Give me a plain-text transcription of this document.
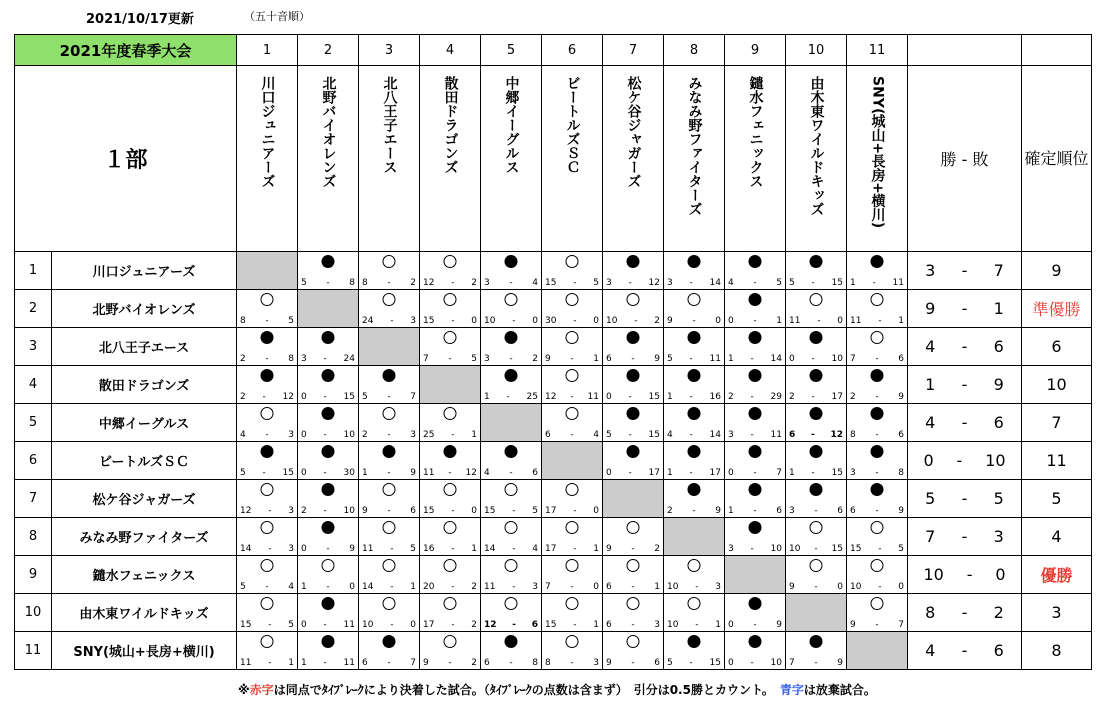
2021/10/17更新	（五十音順）
2021年度春季大会		1	2	3	4	5	6	7	8	9	10	11		
１部		川口ジュニアーズ	北野バイオレンズ	北八王子エース	散田ドラゴンズ	中郷イーグルス	ビートルズＳＣ	松ケ谷ジャガーズ	みなみ野ファイターズ	鑓水フェニックス	由木東ワイルドキッズ	SNY(城山+長房+横川)	勝 - 敗	確定順位
1	川口ジュニアーズ		5 - 8	8 - 2	12 - 2	3 - 4	15 - 5	3 - 12	3 - 14	4 - 5	5 - 15	1 - 11	3 - 7	9
2	北野バイオレンズ	8 - 5		24 - 3	15 - 0	10 - 0	30 - 0	10 - 2	9 - 0	0 - 1	11 - 0	11 - 1	9 - 1	準優勝
3	北八王子エース	2 - 8	3 - 24		7 - 5	3 - 2	9 - 1	6 - 9	5 - 11	1 - 14	0 - 10	7 - 6	4 - 6	6
4	散田ドラゴンズ	2 - 12	0 - 15	5 - 7		1 - 25	12 - 11	0 - 15	1 - 16	2 - 29	2 - 17	2 - 9	1 - 9	10
5	中郷イーグルス	4 - 3	0 - 10	2 - 3	25 - 1		6 - 4	5 - 15	4 - 14	3 - 11	6 - 12	8 - 6	4 - 6	7
6	ビートルズＳＣ	5 - 15	0 - 30	1 - 9	11 - 12	4 - 6		0 - 17	1 - 17	0 - 7	1 - 15	3 - 8	0 - 10	11
7	松ケ谷ジャガーズ	12 - 3	2 - 10	9 - 6	15 - 0	15 - 5	17 - 0		2 - 9	1 - 6	3 - 6	6 - 9	5 - 5	5
8	みなみ野ファイターズ	14 - 3	0 - 9	11 - 5	16 - 1	14 - 4	17 - 1	9 - 2		3 - 10	10 - 15	15 - 5	7 - 3	4
9	鑓水フェニックス	5 - 4	1 - 0	14 - 1	20 - 2	11 - 3	7 - 0	6 - 1	10 - 3		9 - 0	10 - 0	10 - 0	優勝
10	由木東ワイルドキッズ	15 - 5	0 - 11	10 - 0	17 - 2	12 - 6	15 - 1	6 - 3	10 - 1	0 - 9		9 - 7	8 - 2	3
11	SNY(城山+長房+横川)	11 - 1	1 - 11	6 - 7	9 - 2	6 - 8	8 - 3	9 - 6	5 - 15	0 - 10	7 - 9		4 - 6	8
※赤字は同点でﾀｲﾌﾞﾚｰｸにより決着した試合。（ﾀｲﾌﾞﾚｰｸの点数は含まず）　引分は0.5勝とカウント。　青字は放棄試合。
